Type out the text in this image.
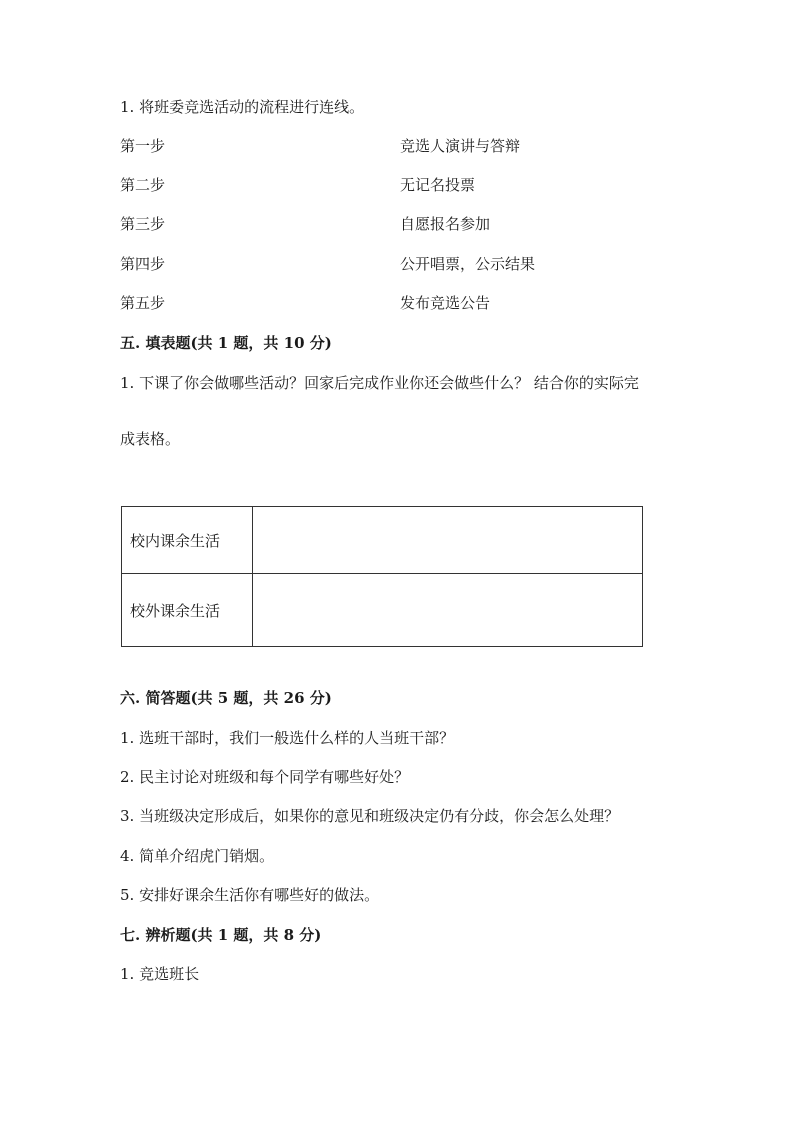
1. 将班委竞选活动的流程进行连线。
第一步	竞选人演讲与答辩
第二步	无记名投票
第三步	自愿报名参加
第四步	公开唱票，公示结果
第五步	发布竞选公告
五. 填表题(共 1 题，共 10 分)
1. 下课了你会做哪些活动？回家后完成作业你还会做些什么？ 结合你的实际完
成表格。
校内课余生活	
校外课余生活	
六. 简答题(共 5 题，共 26 分)
1. 选班干部时，我们一般选什么样的人当班干部？
2. 民主讨论对班级和每个同学有哪些好处？
3. 当班级决定形成后，如果你的意见和班级决定仍有分歧，你会怎么处理？
4. 简单介绍虎门销烟。
5. 安排好课余生活你有哪些好的做法。
七. 辨析题(共 1 题，共 8 分)
1. 竞选班长
